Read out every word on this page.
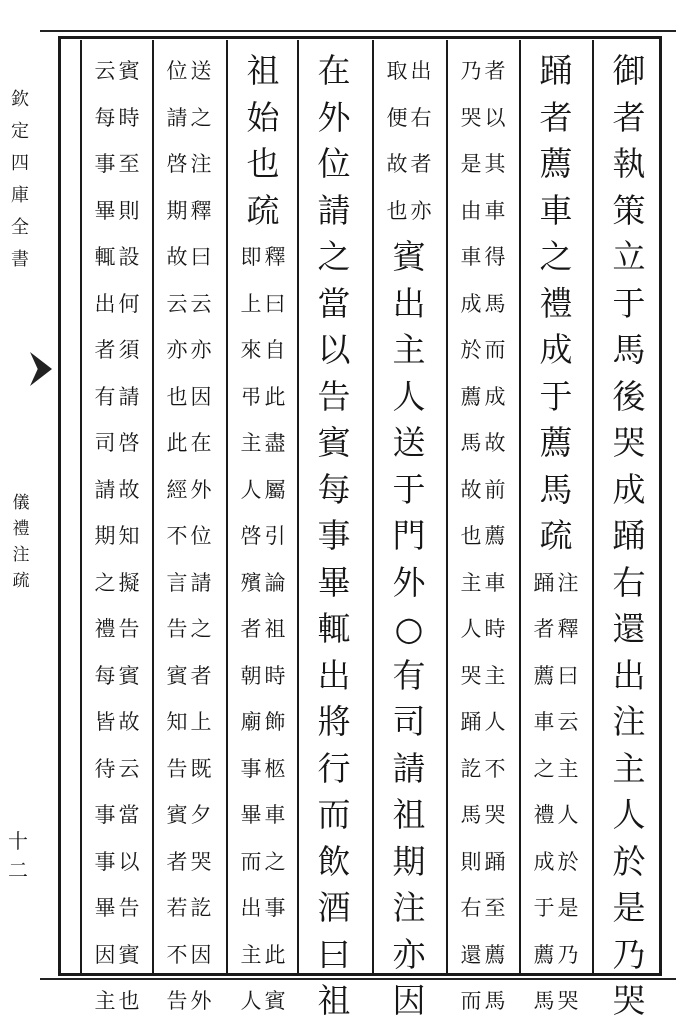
欽
定
四
庫
全
書
儀
禮
注
疏
十二
御
者
執
策
立
于
馬
後
哭
成
踊
右
還
出
注
主
人
於
是
乃
哭
踊
者
薦
車
之
禮
成
于
薦
馬
疏
注
釋
曰
云
主
人
於
是
乃
哭
踊
者
薦
車
之
禮
成
于
薦
馬
者
以
其
車
得
馬
而
成
故
前
薦
車
時
主
人
不
哭
踊
至
薦
馬
乃
哭
是
由
車
成
於
薦
馬
故
也
主
人
哭
踊
訖
馬
則
右
還
而
出
右
者
亦
取
便
故
也
賓
出
主
人
送
于
門
外
○
有
司
請
祖
期
注
亦
因
在
外
位
請
之
當
以
告
賓
每
事
畢
輒
出
將
行
而
飲
酒
曰
祖
祖
始
也
疏
釋
曰
自
此
盡
屬
引
論
祖
時
飾
柩
車
之
事
此
賓
即
上
來
弔
主
人
啓
殯
者
朝
廟
事
畢
而
出
主
人
送
之
注
釋
曰
云
亦
因
在
外
位
請
之
者
上
既
夕
哭
訖
因
外
位
請
啓
期
故
云
亦
也
此
經
不
言
告
賓
知
告
賓
者
若
不
告
賓
時
至
則
設
何
須
請
啓
故
知
擬
告
賓
故
云
當
以
告
賓
也
云
每
事
畢
輒
出
者
有
司
請
期
之
禮
每
皆
待
事
事
畢
因
主
